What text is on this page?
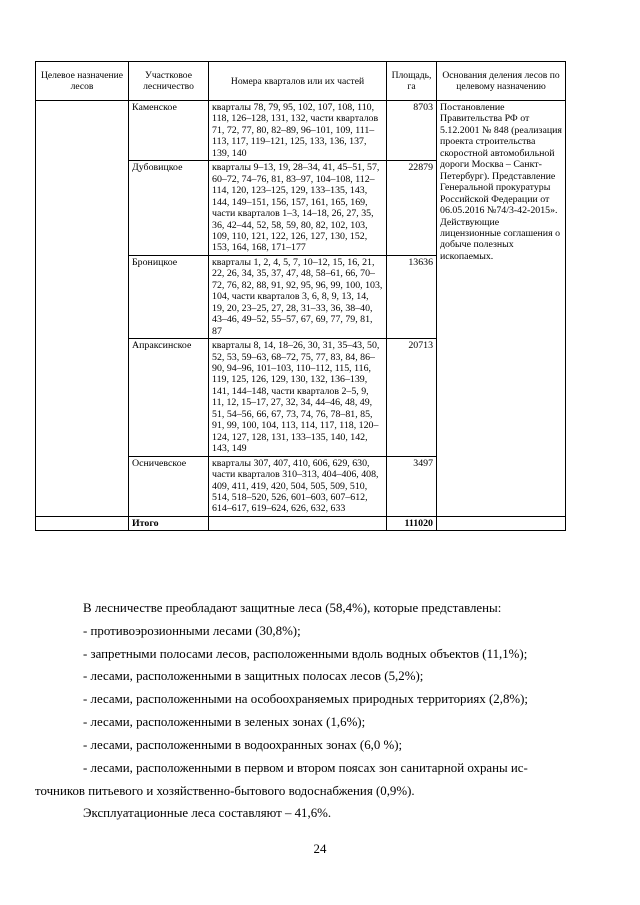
Целевое назначение лесов	Участковое лесничество	Номера кварталов или их частей	Площадь, га	Основания деления лесов по целевому назначению
	Каменское	кварталы 78, 79, 95, 102, 107, 108, 110, 118, 126–128, 131, 132, части кварталов 71, 72, 77, 80, 82–89, 96–101, 109, 111–113, 117, 119–121, 125, 133, 136, 137, 139, 140	8703	Постановление Правительства РФ от 5.12.2001 № 848 (реализация проекта строительства скоростной автомобильной дороги Москва – Санкт-Петербург). Представление Генеральной прокуратуры Российской Федерации от 06.05.2016 №74/3-42-2015». Действующие лицензионные соглашения о добыче полезных ископаемых.
	Дубовицкое	кварталы 9–13, 19, 28–34, 41, 45–51, 57, 60–72, 74–76, 81, 83–97, 104–108, 112–114, 120, 123–125, 129, 133–135, 143, 144, 149–151, 156, 157, 161, 165, 169, части кварталов 1–3, 14–18, 26, 27, 35, 36, 42–44, 52, 58, 59, 80, 82, 102, 103, 109, 110, 121, 122, 126, 127, 130, 152, 153, 164, 168, 171–177	22879	
	Броницкое	кварталы 1, 2, 4, 5, 7, 10–12, 15, 16, 21, 22, 26, 34, 35, 37, 47, 48, 58–61, 66, 70–72, 76, 82, 88, 91, 92, 95, 96, 99, 100, 103, 104, части кварталов 3, 6, 8, 9, 13, 14, 19, 20, 23–25, 27, 28, 31–33, 36, 38–40, 43–46, 49–52, 55–57, 67, 69, 77, 79, 81, 87	13636	
	Апраксинское	кварталы 8, 14, 18–26, 30, 31, 35–43, 50, 52, 53, 59–63, 68–72, 75, 77, 83, 84, 86–90, 94–96, 101–103, 110–112, 115, 116, 119, 125, 126, 129, 130, 132, 136–139, 141, 144–148, части кварталов 2–5, 9, 11, 12, 15–17, 27, 32, 34, 44–46, 48, 49, 51, 54–56, 66, 67, 73, 74, 76, 78–81, 85, 91, 99, 100, 104, 113, 114, 117, 118, 120–124, 127, 128, 131, 133–135, 140, 142, 143, 149	20713	
	Осничевское	кварталы 307, 407, 410, 606, 629, 630, части кварталов 310–313, 404–406, 408, 409, 411, 419, 420, 504, 505, 509, 510, 514, 518–520, 526, 601–603, 607–612, 614–617, 619–624, 626, 632, 633	3497	
	Итого		111020	
В лесничестве преобладают защитные леса (58,4%), которые представлены:
- противоэрозионными лесами (30,8%);
- запретными полосами лесов, расположенными вдоль водных объектов (11,1%);
- лесами, расположенными в защитных полосах лесов (5,2%);
- лесами, расположенными на особоохраняемых природных территориях (2,8%);
- лесами, расположенными в зеленых зонах (1,6%);
- лесами, расположенными в водоохранных зонах (6,0 %);
- лесами, расположенными в первом и втором поясах зон санитарной охраны ис-
точников питьевого и хозяйственно-бытового водоснабжения (0,9%).
Эксплуатационные леса составляют – 41,6%.
24
